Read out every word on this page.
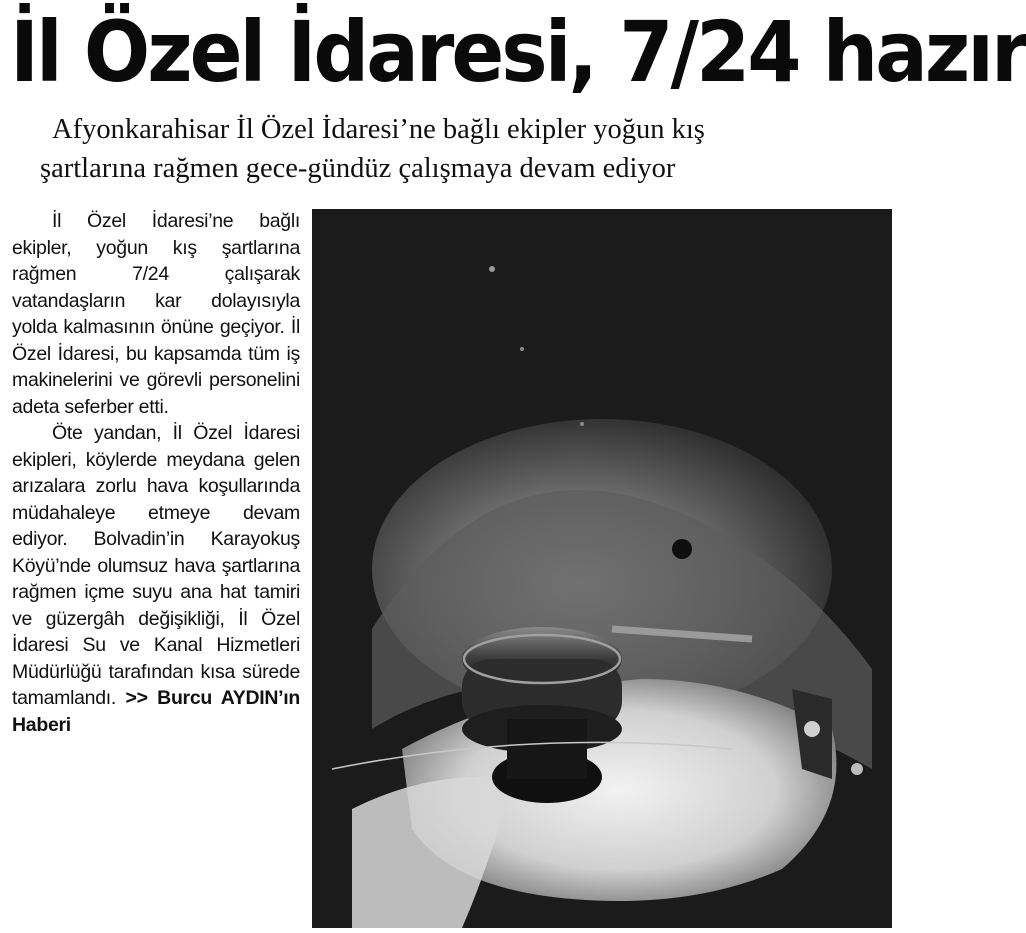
İl Özel İdaresi, 7/24 hazır
Afyonkarahisar İl Özel İdaresi’ne bağlı ekipler yoğun kış
şartlarına rağmen gece-gündüz çalışmaya devam ediyor

İl Özel İdaresi’ne bağlı ekipler, yoğun kış şartlarına rağmen 7/24 çalışarak vatandaşların kar dolayısıyla yolda kalmasının önüne geçiyor. İl Özel İdaresi, bu kapsamda tüm iş makinelerini ve görevli personelini adeta seferber etti.

Öte yandan, İl Özel İdaresi ekipleri, köylerde meydana gelen arızalara zorlu hava koşullarında müdahaleye etmeye devam ediyor. Bolvadin’in Karayokuş Köyü’nde olumsuz hava şartlarına rağmen içme suyu ana hat tamiri ve güzergâh değişikliği, İl Özel İdaresi Su ve Kanal Hizmetleri Müdürlüğü tarafından kısa sürede tamamlandı. >> Burcu AYDIN’ın Haberi
